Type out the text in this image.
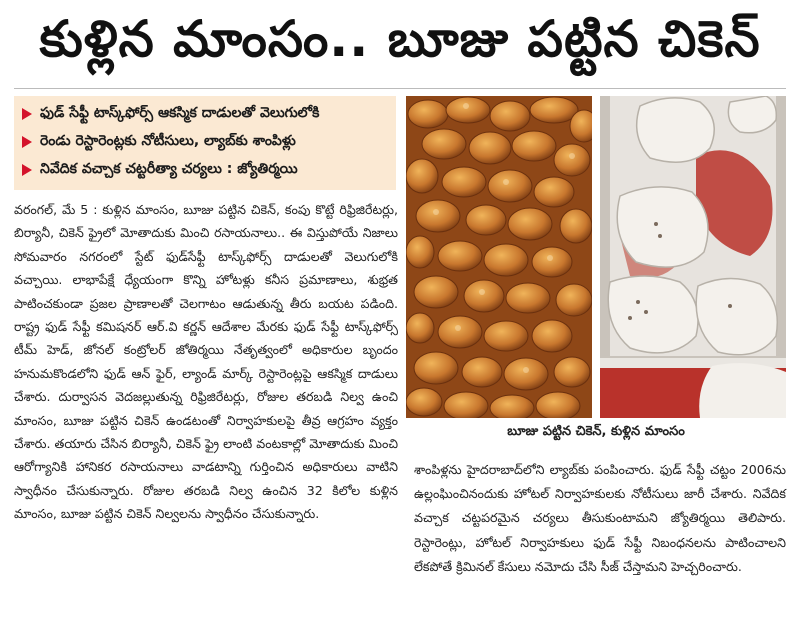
కుళ్లిన మాంసం.. బూజు పట్టిన చికెన్
ఫుడ్ సేఫ్టీ టాస్క్‌ఫోర్స్ ఆకస్మిక దాడులతో వెలుగులోకి
రెండు రెస్టారెంట్లకు నోటీసులు, ల్యాబ్‌కు శాంపిళ్లు
నివేదిక వచ్చాక చట్టరీత్యా చర్యలు : జ్యోతిర్మయి

వరంగల్, మే 5 : కుళ్లిన మాంసం, బూజు పట్టిన చికెన్, కంపు కొట్టే రిఫ్రిజిరేటర్లు, బిర్యానీ, చికెన్ ఫ్రైలో మోతాదుకు మించి రసాయనాలు.. ఈ విస్తుపోయే నిజాలు సోమవారం నగరంలో స్టేట్ ఫుడ్‌సేఫ్టీ టాస్క్‌ఫోర్స్ దాడులతో వెలుగులోకి వచ్చాయి. లాభాపేక్షే ధ్యేయంగా కొన్ని హోటళ్లు కనీస ప్రమాణాలు, శుభ్రత పాటించకుండా ప్రజల ప్రాణాలతో చెలగాటం ఆడుతున్న తీరు బయట పడింది. రాష్ట్ర ఫుడ్ సేఫ్టీ కమిషనర్ ఆర్.వి కర్ణన్ ఆదేశాల మేరకు ఫుడ్ సేఫ్టీ టాస్క్‌ఫోర్స్ టీమ్ హెడ్, జోనల్ కంట్రోలర్ జోతిర్మయి నేతృత్వంలో అధికారుల బృందం హనుమకొండలోని ఫుడ్ ఆన్ ఫైర్, ల్యాండ్ మార్క్ రెస్టారెంట్లపై ఆకస్మిక దాడులు చేశారు. దుర్వాసన వెదజల్లుతున్న రిఫ్రిజిరేటర్లు, రోజుల తరబడి నిల్వ ఉంచి మాంసం, బూజు పట్టిన చికెన్ ఉండటంతో నిర్వాహకులపై తీవ్ర ఆగ్రహం వ్యక్తం చేశారు. తయారు చేసిన బిర్యానీ, చికెన్ ఫ్రై లాంటి వంటకాల్లో మోతాదుకు మించి ఆరోగ్యానికి హానికర రసాయనాలు వాడటాన్ని గుర్తించిన అధికారులు వాటిని స్వాధీనం చేసుకున్నారు. రోజుల తరబడి నిల్వ ఉంచిన 32 కిలోల కుళ్లిన మాంసం, బూజు పట్టిన చికెన్ నిల్వలను స్వాధీనం చేసుకున్నారు.

బూజు పట్టిన చికెన్, కుళ్లిన మాంసం

శాంపిళ్లను హైదరాబాద్‌లోని ల్యాబ్‌కు పంపించారు. ఫుడ్ సేఫ్టీ చట్టం 2006ను ఉల్లంఘించినందుకు హోటల్ నిర్వాహకులకు నోటీసులు జారీ చేశారు. నివేదిక వచ్చాక చట్టపరమైన చర్యలు తీసుకుంటామని జ్యోతిర్మయి తెలిపారు. రెస్టారెంట్లు, హోటల్ నిర్వాహకులు ఫుడ్ సేఫ్టీ నిబంధనలను పాటించాలని లేకపోతే క్రిమినల్ కేసులు నమోదు చేసి సీజ్ చేస్తామని హెచ్చరించారు.
